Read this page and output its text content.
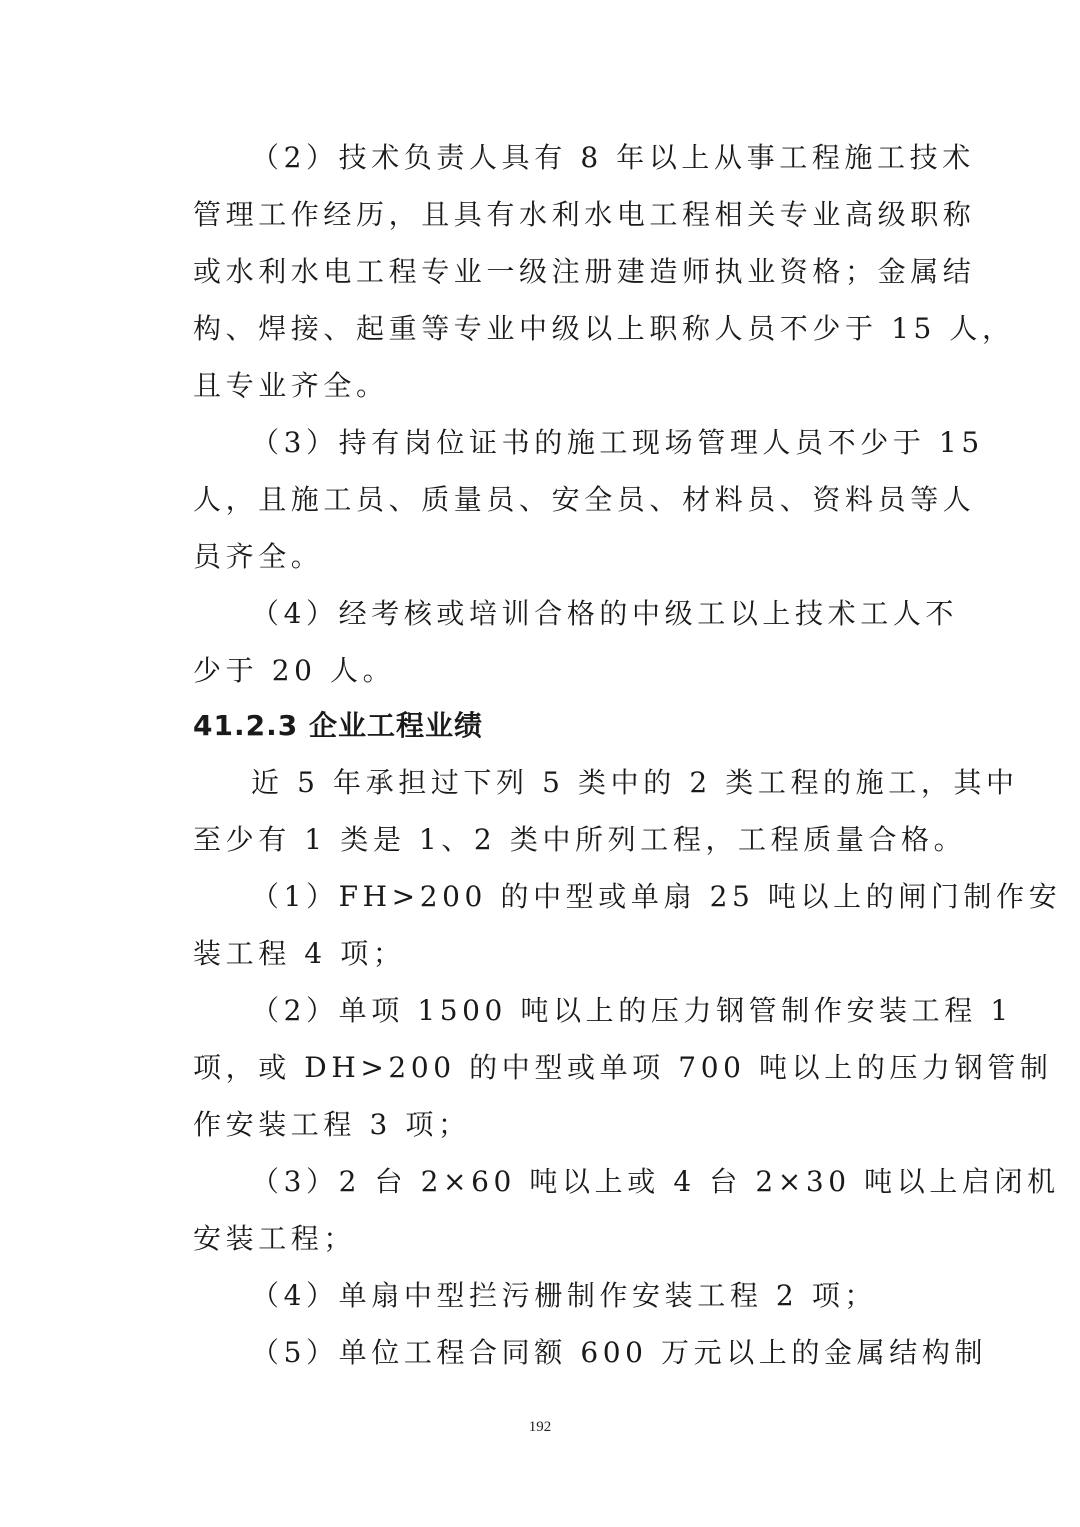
（2）技术负责人具有 8 年以上从事工程施工技术
管理工作经历，且具有水利水电工程相关专业高级职称
或水利水电工程专业一级注册建造师执业资格；金属结
构、焊接、起重等专业中级以上职称人员不少于 15 人，
且专业齐全。
（3）持有岗位证书的施工现场管理人员不少于 15
人，且施工员、质量员、安全员、材料员、资料员等人
员齐全。
（4）经考核或培训合格的中级工以上技术工人不
少于 20 人。
41.2.3 企业工程业绩
近 5 年承担过下列 5 类中的 2 类工程的施工，其中
至少有 1 类是 1、2 类中所列工程，工程质量合格。
（1）FH>200 的中型或单扇 25 吨以上的闸门制作安
装工程 4 项；
（2）单项 1500 吨以上的压力钢管制作安装工程 1
项，或 DH>200 的中型或单项 700 吨以上的压力钢管制
作安装工程 3 项；
（3）2 台 2×60 吨以上或 4 台 2×30 吨以上启闭机
安装工程；
（4）单扇中型拦污栅制作安装工程 2 项；
（5）单位工程合同额 600 万元以上的金属结构制
192
